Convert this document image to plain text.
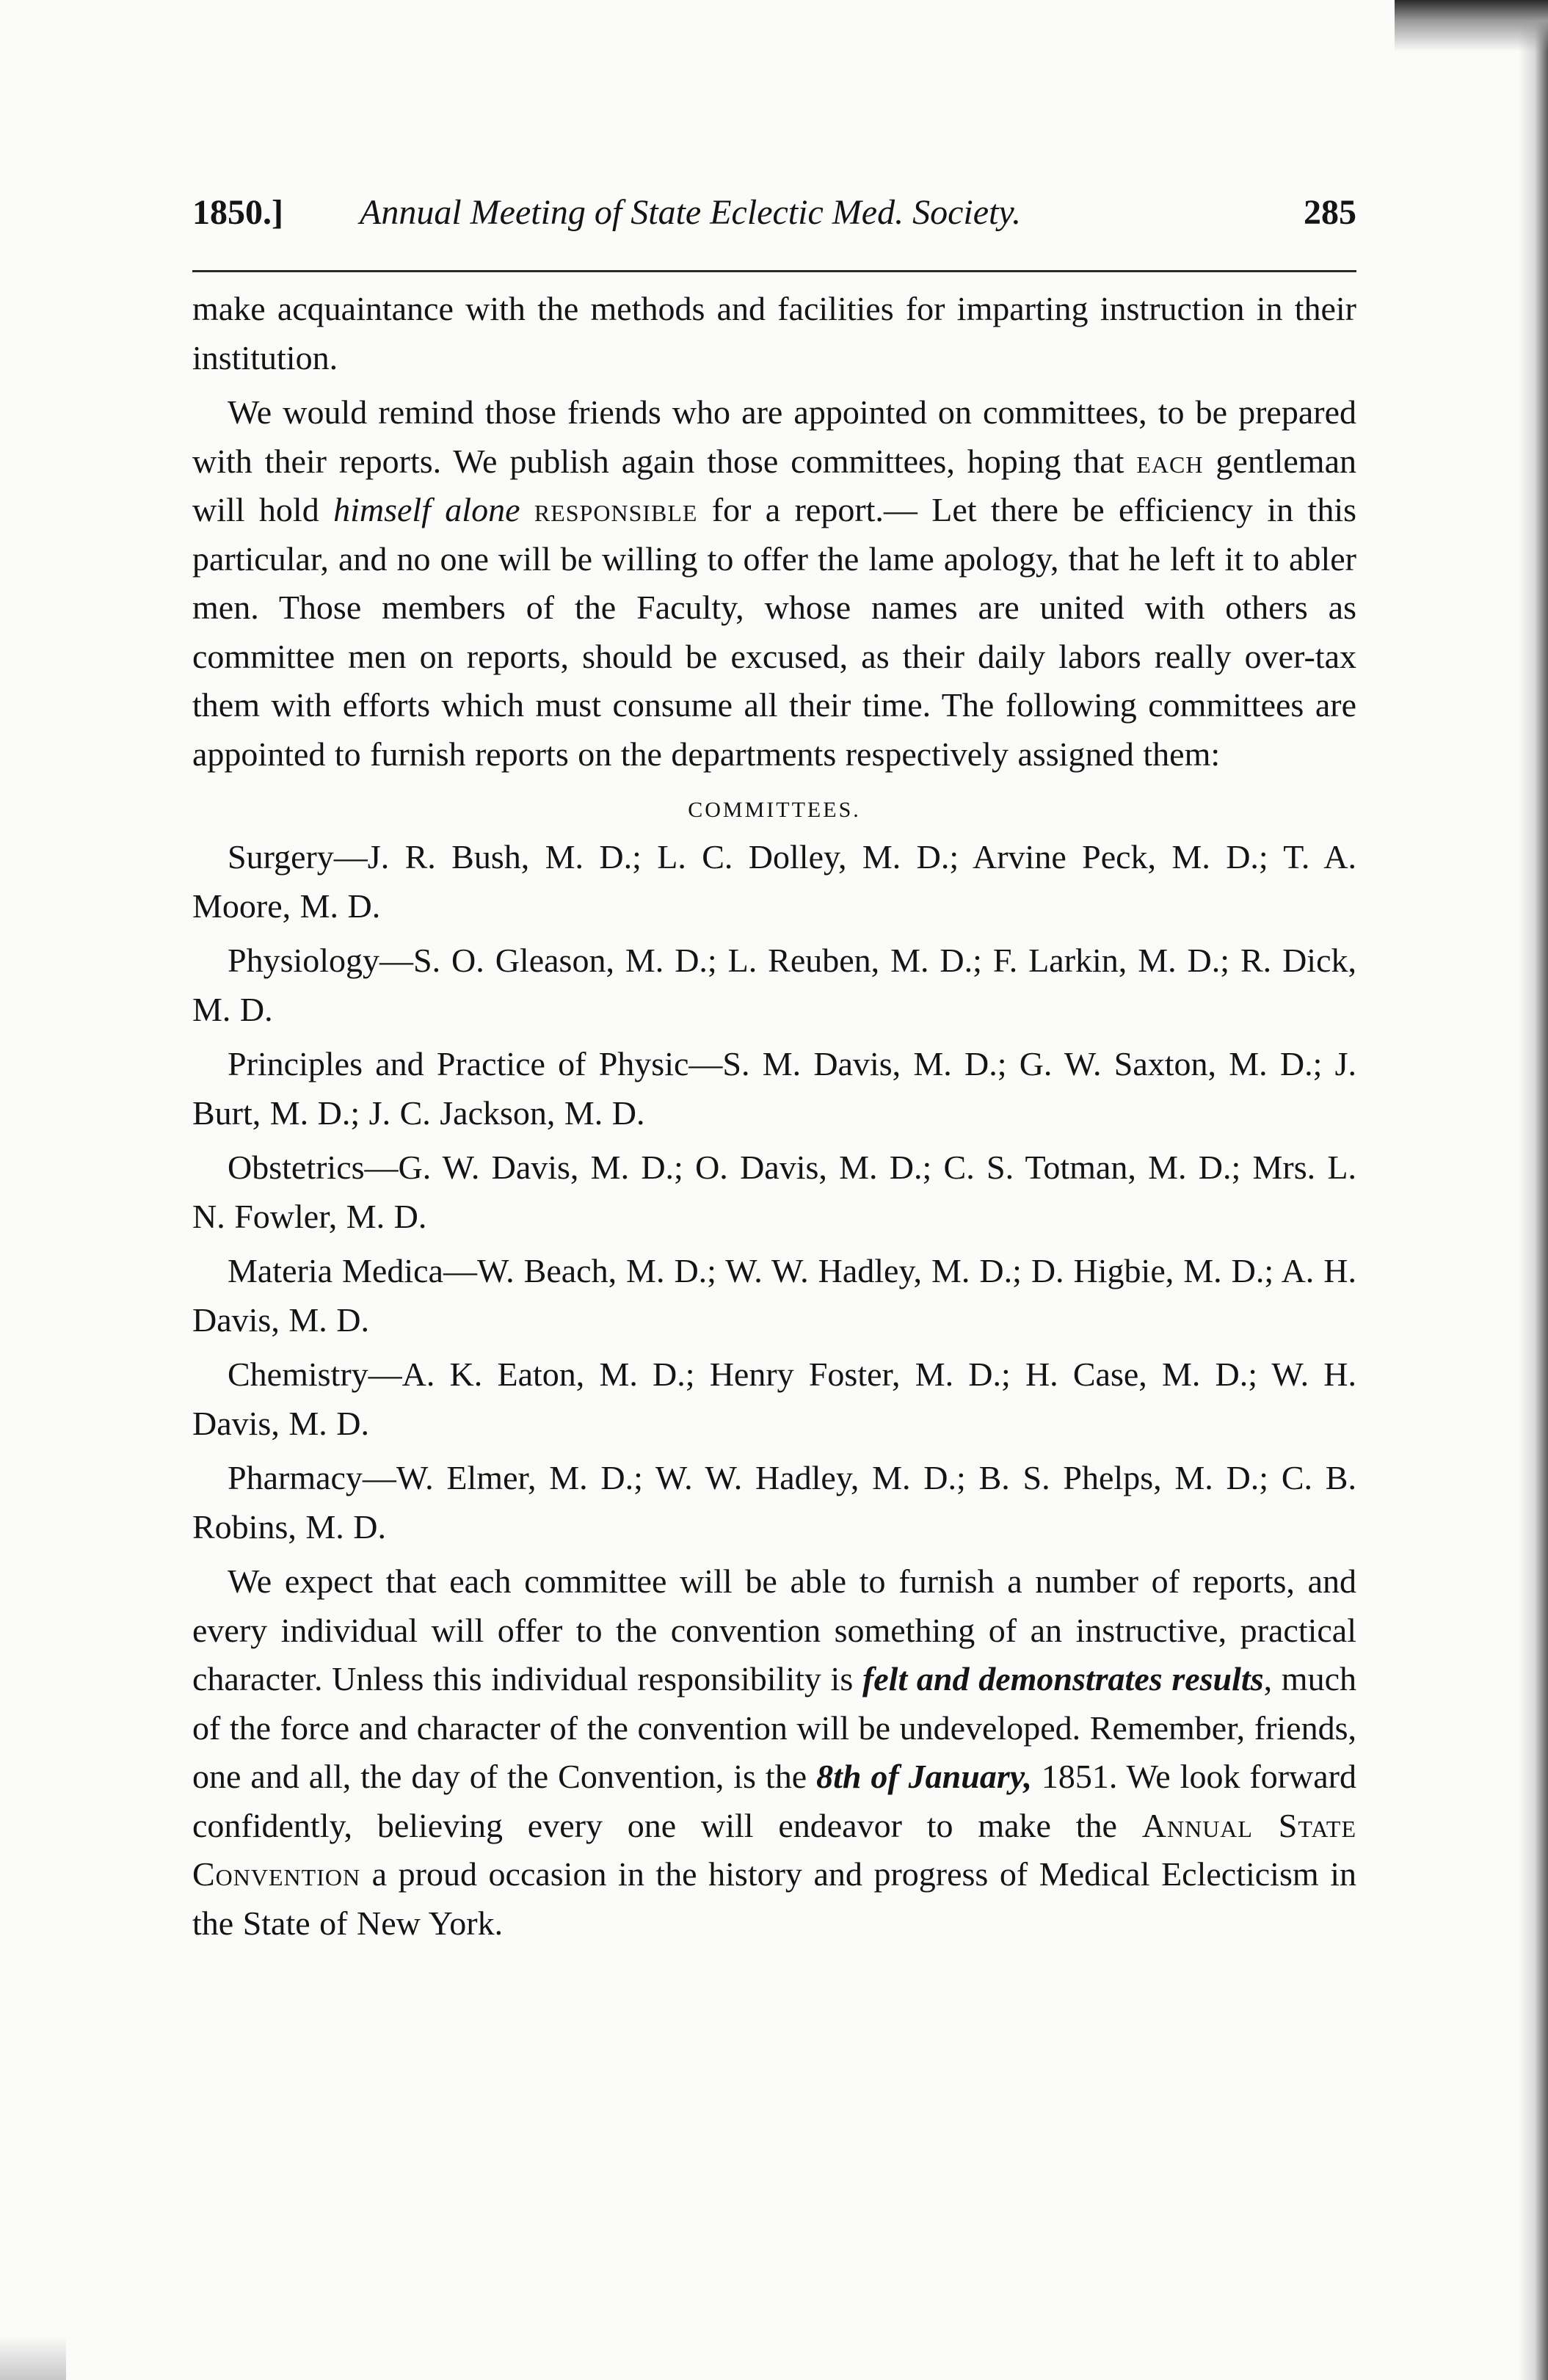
1850.] Annual Meeting of State Eclectic Med. Society.	285

make acquaintance with the methods and facilities for imparting instruction in their institution.

We would remind those friends who are appointed on committees, to be prepared with their reports. We publish again those committees, hoping that each gentleman will hold himself alone responsible for a report.— Let there be efficiency in this particular, and no one will be willing to offer the lame apology, that he left it to abler men. Those members of the Faculty, whose names are united with others as committee men on reports, should be excused, as their daily labors really over-tax them with efforts which must consume all their time. The following committees are appointed to furnish reports on the departments respectively assigned them:

COMMITTEES.

Surgery—J. R. Bush, M. D.; L. C. Dolley, M. D.; Arvine Peck, M. D.; T. A. Moore, M. D.

Physiology—S. O. Gleason, M. D.; L. Reuben, M. D.; F. Larkin, M. D.; R. Dick, M. D.

Principles and Practice of Physic—S. M. Davis, M. D.; G. W. Saxton, M. D.; J. Burt, M. D.; J. C. Jackson, M. D.

Obstetrics—G. W. Davis, M. D.; O. Davis, M. D.; C. S. Totman, M. D.; Mrs. L. N. Fowler, M. D.

Materia Medica—W. Beach, M. D.; W. W. Hadley, M. D.; D. Higbie, M. D.; A. H. Davis, M. D.

Chemistry—A. K. Eaton, M. D.; Henry Foster, M. D.; H. Case, M. D.; W. H. Davis, M. D.

Pharmacy—W. Elmer, M. D.; W. W. Hadley, M. D.; B. S. Phelps, M. D.; C. B. Robins, M. D.

We expect that each committee will be able to furnish a number of reports, and every individual will offer to the convention something of an instructive, practical character. Unless this individual responsibility is felt and demonstrates results, much of the force and character of the convention will be undeveloped. Remember, friends, one and all, the day of the Convention, is the 8th of January, 1851. We look forward confidently, believing every one will endeavor to make the Annual State Convention a proud occasion in the history and progress of Medical Eclecticism in the State of New York.
